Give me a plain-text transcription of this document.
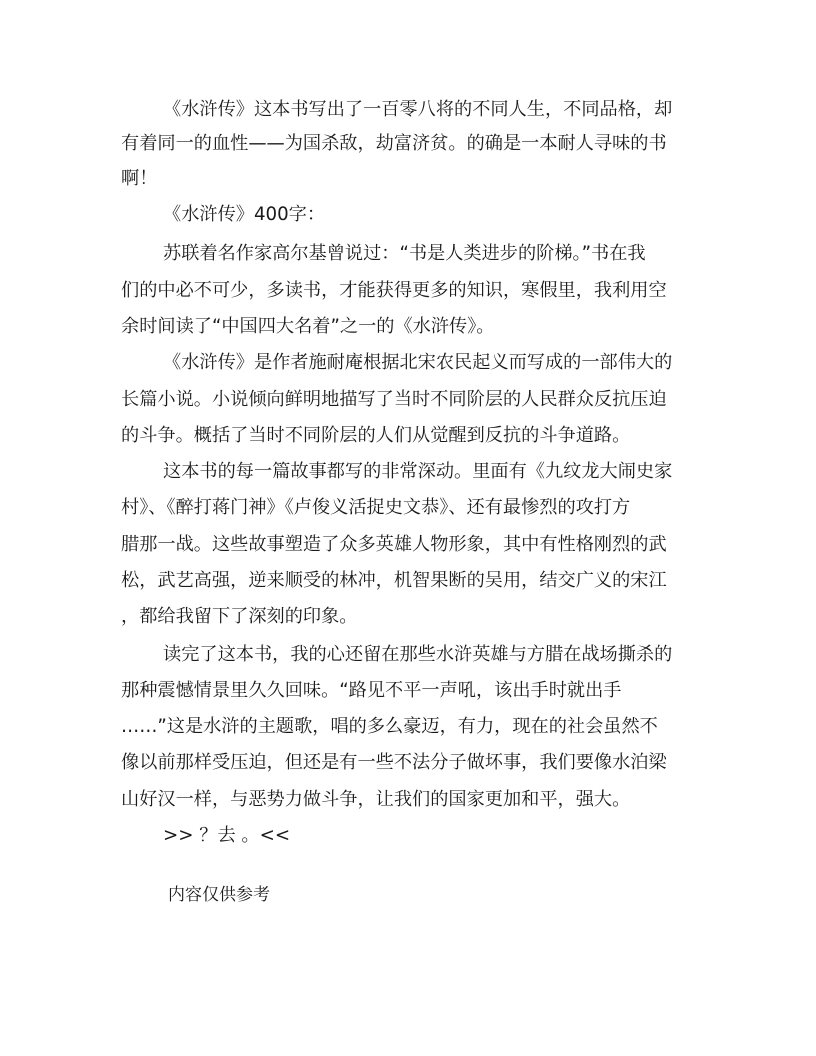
《水浒传》这本书写出了一百零八将的不同人生，不同品格，却
有着同一的血性——为国杀敌，劫富济贫。的确是一本耐人寻味的书
啊！
《水浒传》400字：
苏联着名作家高尔基曾说过：“书是人类进步的阶梯。”书在我
们的中必不可少，多读书，才能获得更多的知识，寒假里，我利用空
余时间读了“中国四大名着”之一的《水浒传》。
《水浒传》是作者施耐庵根据北宋农民起义而写成的一部伟大的
长篇小说。小说倾向鲜明地描写了当时不同阶层的人民群众反抗压迫
的斗争。概括了当时不同阶层的人们从觉醒到反抗的斗争道路。
这本书的每一篇故事都写的非常深动。里面有《九纹龙大闹史家
村》、《醉打蒋门神》《卢俊义活捉史文恭》、还有最惨烈的攻打方
腊那一战。这些故事塑造了众多英雄人物形象，其中有性格刚烈的武
松，武艺高强，逆来顺受的林冲，机智果断的吴用，结交广义的宋江
，都给我留下了深刻的印象。
读完了这本书，我的心还留在那些水浒英雄与方腊在战场撕杀的
那种震憾情景里久久回味。“路见不平一声吼，该出手时就出手
……”这是水浒的主题歌，唱的多么豪迈，有力，现在的社会虽然不
像以前那样受压迫，但还是有一些不法分子做坏事，我们要像水泊梁
山好汉一样，与恶势力做斗争，让我们的国家更加和平，强大。
>> ？去 。<<
内容仅供参考
